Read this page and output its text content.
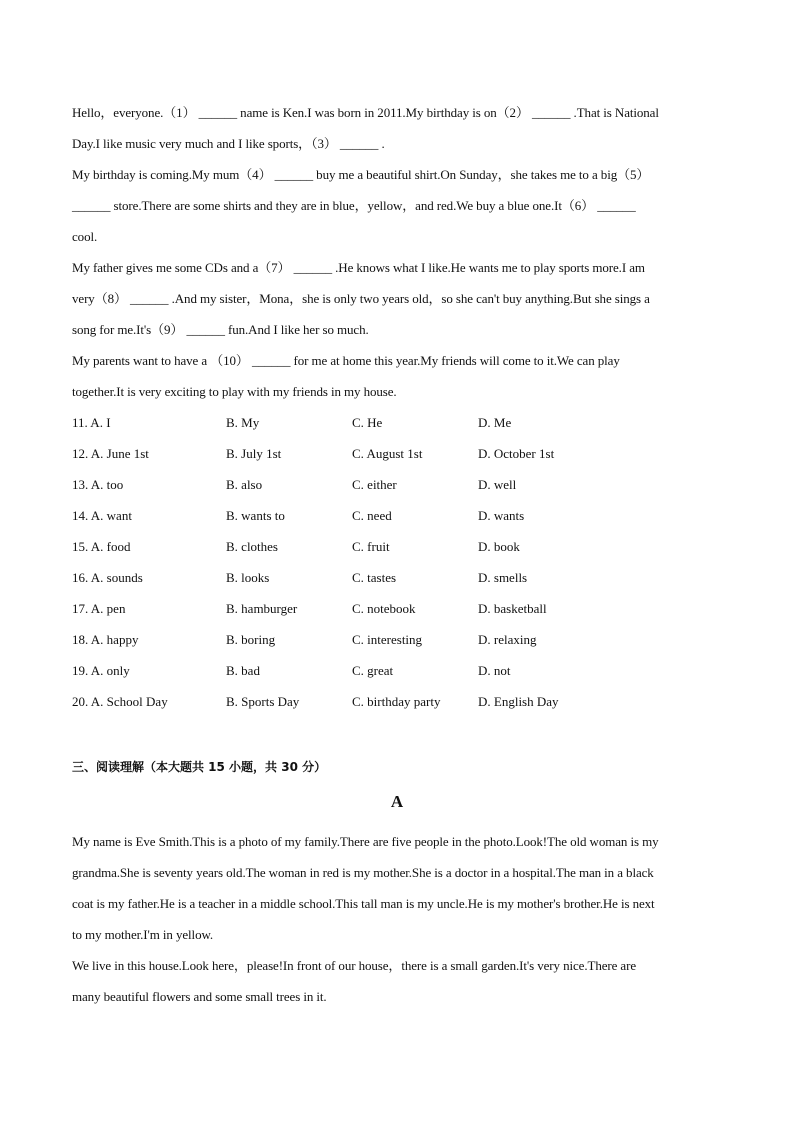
Hello，everyone.（1） ______ name is Ken.I was born in 2011.My birthday is on（2） ______ .That is National
Day.I like music very much and I like sports，（3） ______ .

My birthday is coming.My mum（4） ______ buy me a beautiful shirt.On Sunday，she takes me to a big（5）
______ store.There are some shirts and they are in blue，yellow，and red.We buy a blue one.It（6） ______
cool.

My father gives me some CDs and a（7） ______ .He knows what I like.He wants me to play sports more.I am
very（8） ______ .And my sister，Mona，she is only two years old，so she can't buy anything.But she sings a
song for me.It's（9） ______ fun.And I like her so much.

My parents want to have a （10） ______ for me at home this year.My friends will come to it.We can play
together.It is very exciting to play with my friends in my house.

11. A. I	B. My	C. He	D. Me
12. A. June 1st	B. July 1st	C. August 1st	D. October 1st
13. A. too	B. also	C. either	D. well
14. A. want	B. wants to	C. need	D. wants
15. A. food	B. clothes	C. fruit	D. book
16. A. sounds	B. looks	C. tastes	D. smells
17. A. pen	B. hamburger	C. notebook	D. basketball
18. A. happy	B. boring	C. interesting	D. relaxing
19. A. only	B. bad	C. great	D. not
20. A. School Day	B. Sports Day	C. birthday party	D. English Day

三、阅读理解（本大题共 15 小题，共 30 分）

A

My name is Eve Smith.This is a photo of my family.There are five people in the photo.Look!The old woman is my
grandma.She is seventy years old.The woman in red is my mother.She is a doctor in a hospital.The man in a black
coat is my father.He is a teacher in a middle school.This tall man is my uncle.He is my mother's brother.He is next
to my mother.I'm in yellow.

We live in this house.Look here，please!In front of our house，there is a small garden.It's very nice.There are
many beautiful flowers and some small trees in it.
